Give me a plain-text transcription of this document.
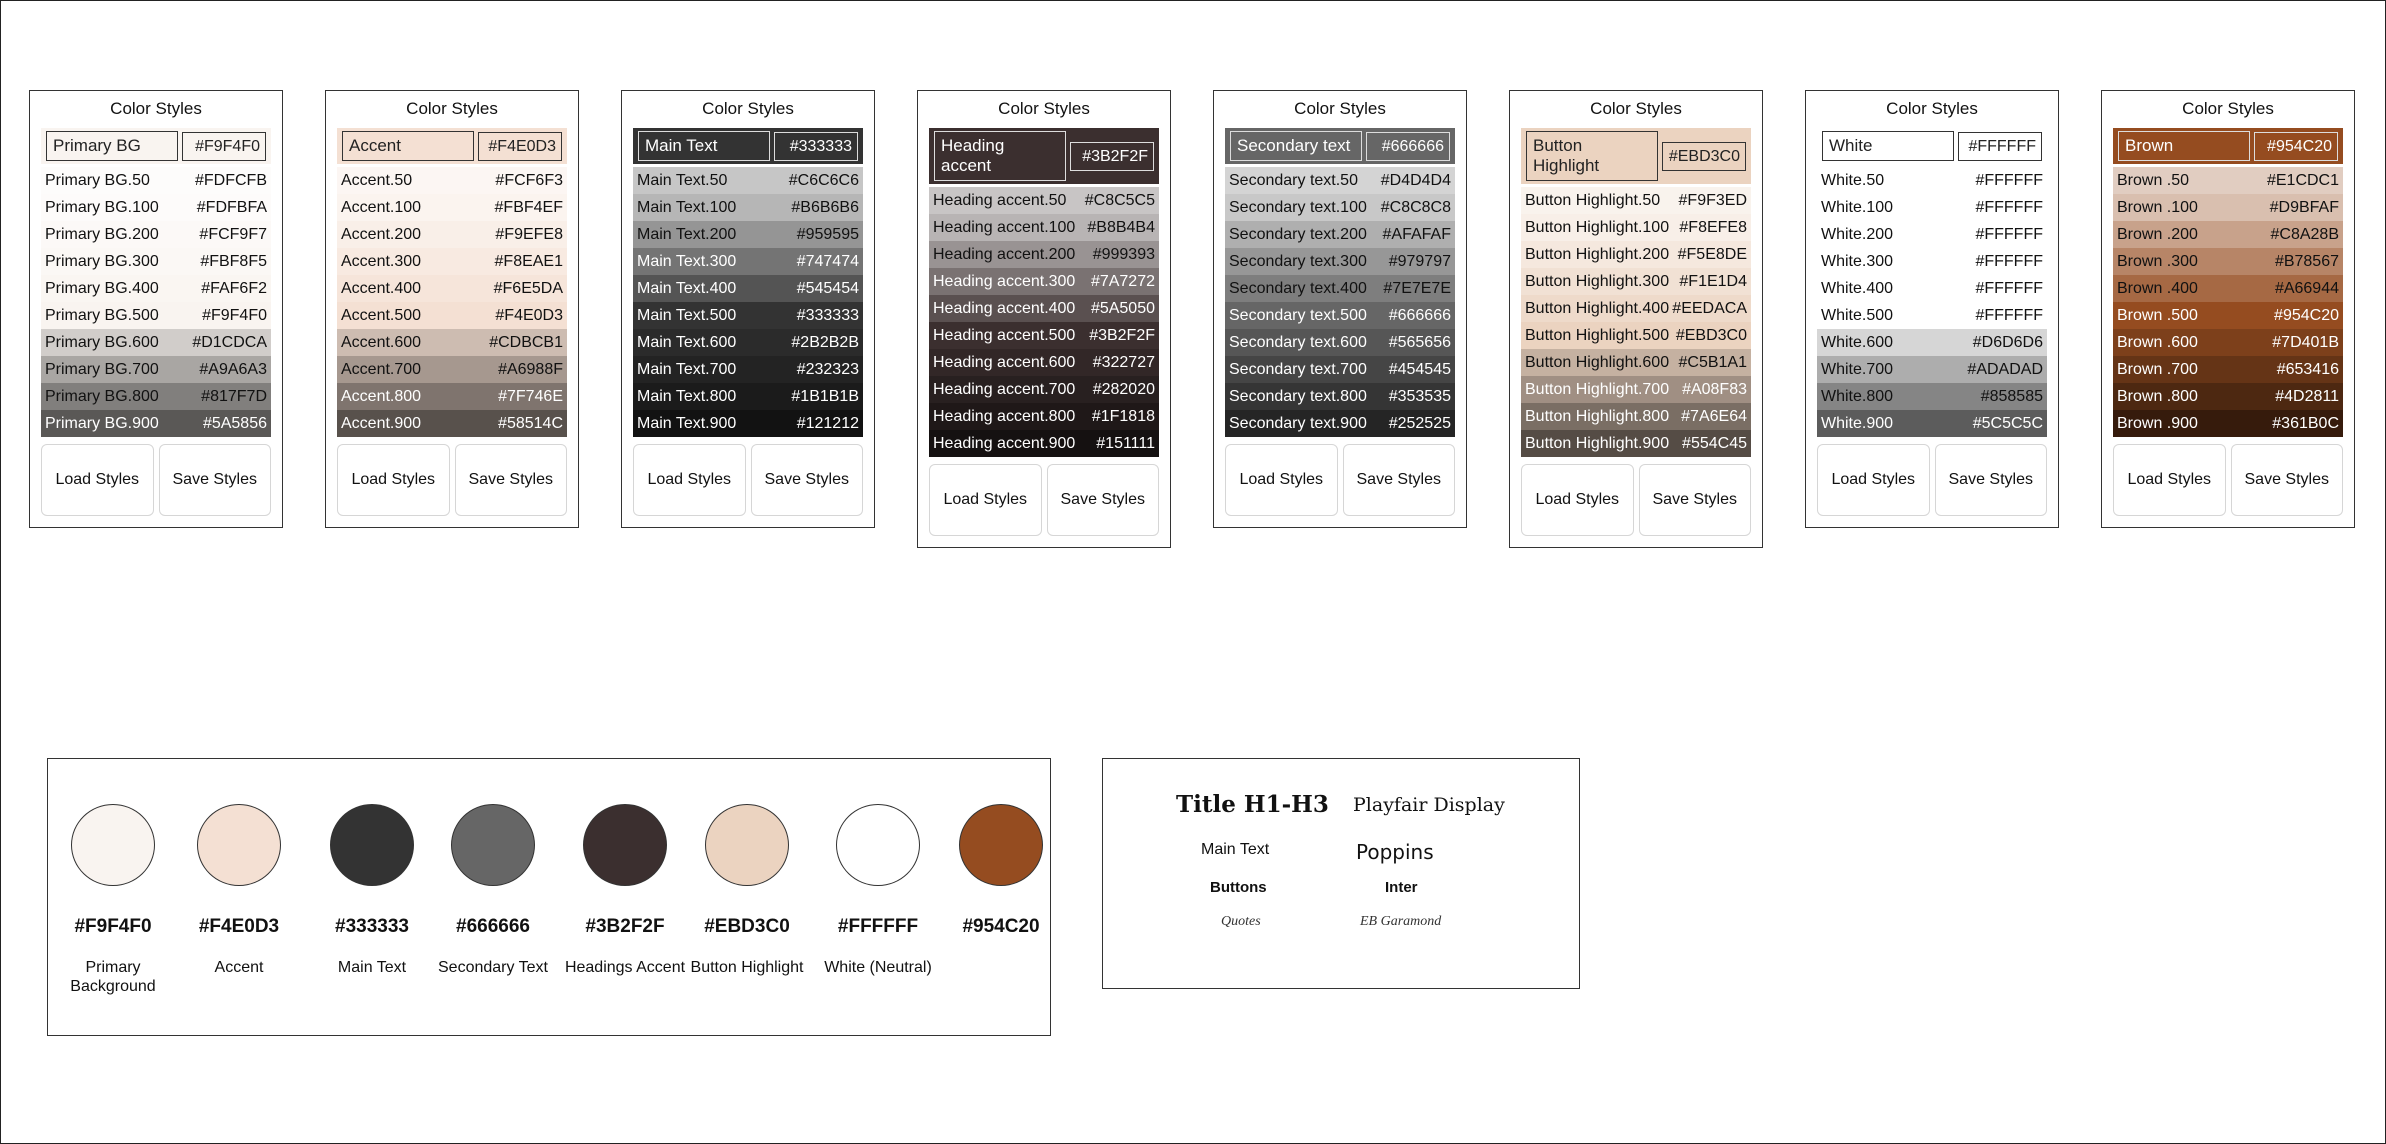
Color Styles
Primary BG	#F9F4F0
Primary BG.50	#FDFCFB
Primary BG.100	#FDFBFA
Primary BG.200	#FCF9F7
Primary BG.300	#FBF8F5
Primary BG.400	#FAF6F2
Primary BG.500	#F9F4F0
Primary BG.600	#D1CDCA
Primary BG.700	#A9A6A3
Primary BG.800	#817F7D
Primary BG.900	#5A5856
Load Styles	Save Styles
Color Styles
Accent	#F4E0D3
Accent.50	#FCF6F3
Accent.100	#FBF4EF
Accent.200	#F9EFE8
Accent.300	#F8EAE1
Accent.400	#F6E5DA
Accent.500	#F4E0D3
Accent.600	#CDBCB1
Accent.700	#A6988F
Accent.800	#7F746E
Accent.900	#58514C
Load Styles	Save Styles
Color Styles
Main Text	#333333
Main Text.50	#C6C6C6
Main Text.100	#B6B6B6
Main Text.200	#959595
Main Text.300	#747474
Main Text.400	#545454
Main Text.500	#333333
Main Text.600	#2B2B2B
Main Text.700	#232323
Main Text.800	#1B1B1B
Main Text.900	#121212
Load Styles	Save Styles
Color Styles
Heading accent	#3B2F2F
Heading accent.50	#C8C5C5
Heading accent.100 #B8B4B4
Heading accent.200	#999393
Heading accent.300 #7A7272
Heading accent.400 #5A5050
Heading accent.500 #3B2F2F
Heading accent.600	#322727
Heading accent.700	#282020
Heading accent.800	#1F1818
Heading accent.900	#151111
Load Styles	Save Styles
Color Styles
Secondary text	#666666
Secondary text.50	#D4D4D4
Secondary text.100 #C8C8C8
Secondary text.200 #AFAFAF
Secondary text.300	#979797
Secondary text.400	#7E7E7E
Secondary text.500	#666666
Secondary text.600	#565656
Secondary text.700	#454545
Secondary text.800	#353535
Secondary text.900	#252525
Load Styles	Save Styles
Color Styles
Button Highlight	#EBD3C0
Button Highlight.50	#F9F3ED
Button Highlight.100 #F8EFE8
Button Highlight.200 #F5E8DE
Button Highlight.300 #F1E1D4
Button Highlight.400 #EEDACA
Button Highlight.500 #EBD3C0
Button Highlight.600 #C5B1A1
Button Highlight.700 #A08F83
Button Highlight.800 #7A6E64
Button Highlight.900 #554C45
Load Styles	Save Styles
Color Styles
White	#FFFFFF
White.50	#FFFFFF
White.100	#FFFFFF
White.200	#FFFFFF
White.300	#FFFFFF
White.400	#FFFFFF
White.500	#FFFFFF
White.600	#D6D6D6
White.700	#ADADAD
White.800	#858585
White.900	#5C5C5C
Load Styles	Save Styles
Color Styles
Brown	#954C20
Brown .50	#E1CDC1
Brown .100	#D9BFAF
Brown .200	#C8A28B
Brown .300	#B78567
Brown .400	#A66944
Brown .500	#954C20
Brown .600	#7D401B
Brown .700	#653416
Brown .800	#4D2811
Brown .900	#361B0C
Load Styles	Save Styles
#F9F4F0
Primary Background
#F4E0D3
Accent
#333333
Main Text
#666666
Secondary Text
#3B2F2F
Headings Accent
#EBD3C0
Button Highlight
#FFFFFF
White (Neutral)
#954C20
Title H1-H3 Playfair Display
Main Text	Poppins
Buttons	Inter
Quotes	EB Garamond
